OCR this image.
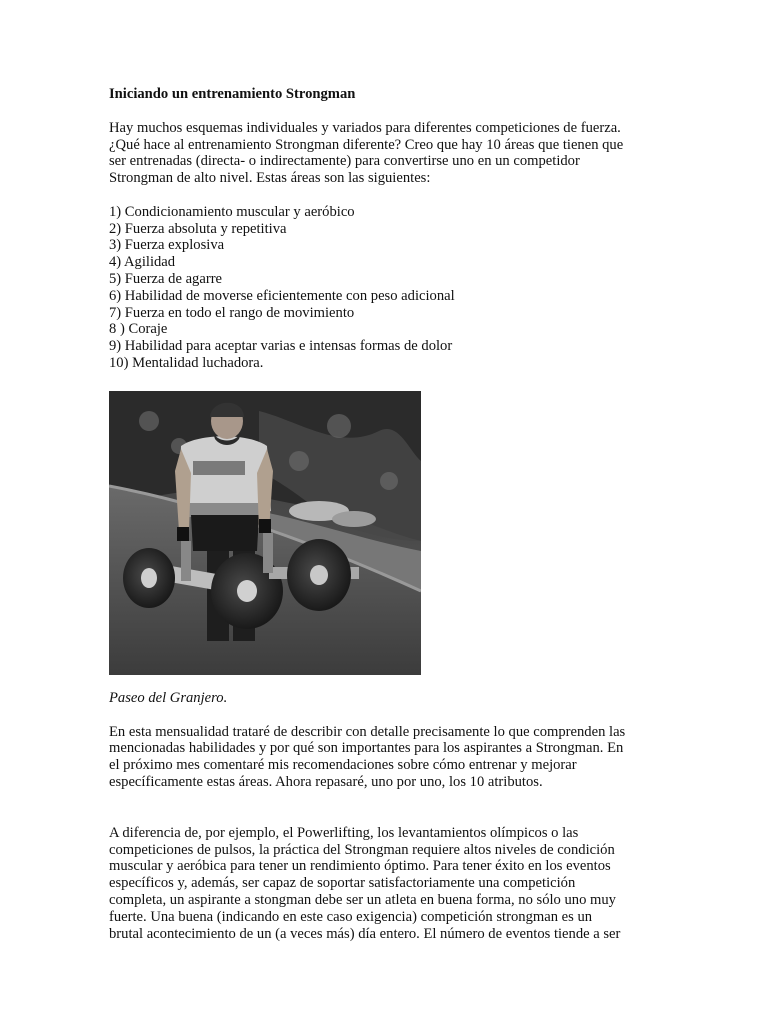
Iniciando un entrenamiento Strongman

Hay muchos esquemas individuales y variados para diferentes competiciones de fuerza.
¿Qué hace al entrenamiento Strongman diferente? Creo que hay 10 áreas que tienen que
ser entrenadas (directa- o indirectamente) para convertirse uno en un competidor
Strongman de alto nivel. Estas áreas son las siguientes:

1) Condicionamiento muscular y aeróbico
2) Fuerza absoluta y repetitiva
3) Fuerza explosiva
4) Agilidad
5) Fuerza de agarre
6) Habilidad de moverse eficientemente con peso adicional
7) Fuerza en todo el rango de movimiento
8 ) Coraje
9) Habilidad para aceptar varias e intensas formas de dolor
10) Mentalidad luchadora.

Paseo del Granjero.

En esta mensualidad trataré de describir con detalle precisamente lo que comprenden las
mencionadas habilidades y por qué son importantes para los aspirantes a Strongman. En
el próximo mes comentaré mis recomendaciones sobre cómo entrenar y mejorar
específicamente estas áreas. Ahora repasaré, uno por uno, los 10 atributos.

A diferencia de, por ejemplo, el Powerlifting, los levantamientos olímpicos o las
competiciones de pulsos, la práctica del Strongman requiere altos niveles de condición
muscular y aeróbica para tener un rendimiento óptimo. Para tener éxito en los eventos
específicos y, además, ser capaz de soportar satisfactoriamente una competición
completa, un aspirante a stongman debe ser un atleta en buena forma, no sólo uno muy
fuerte. Una buena (indicando en este caso exigencia) competición strongman es un
brutal acontecimiento de un (a veces más) día entero. El número de eventos tiende a ser
